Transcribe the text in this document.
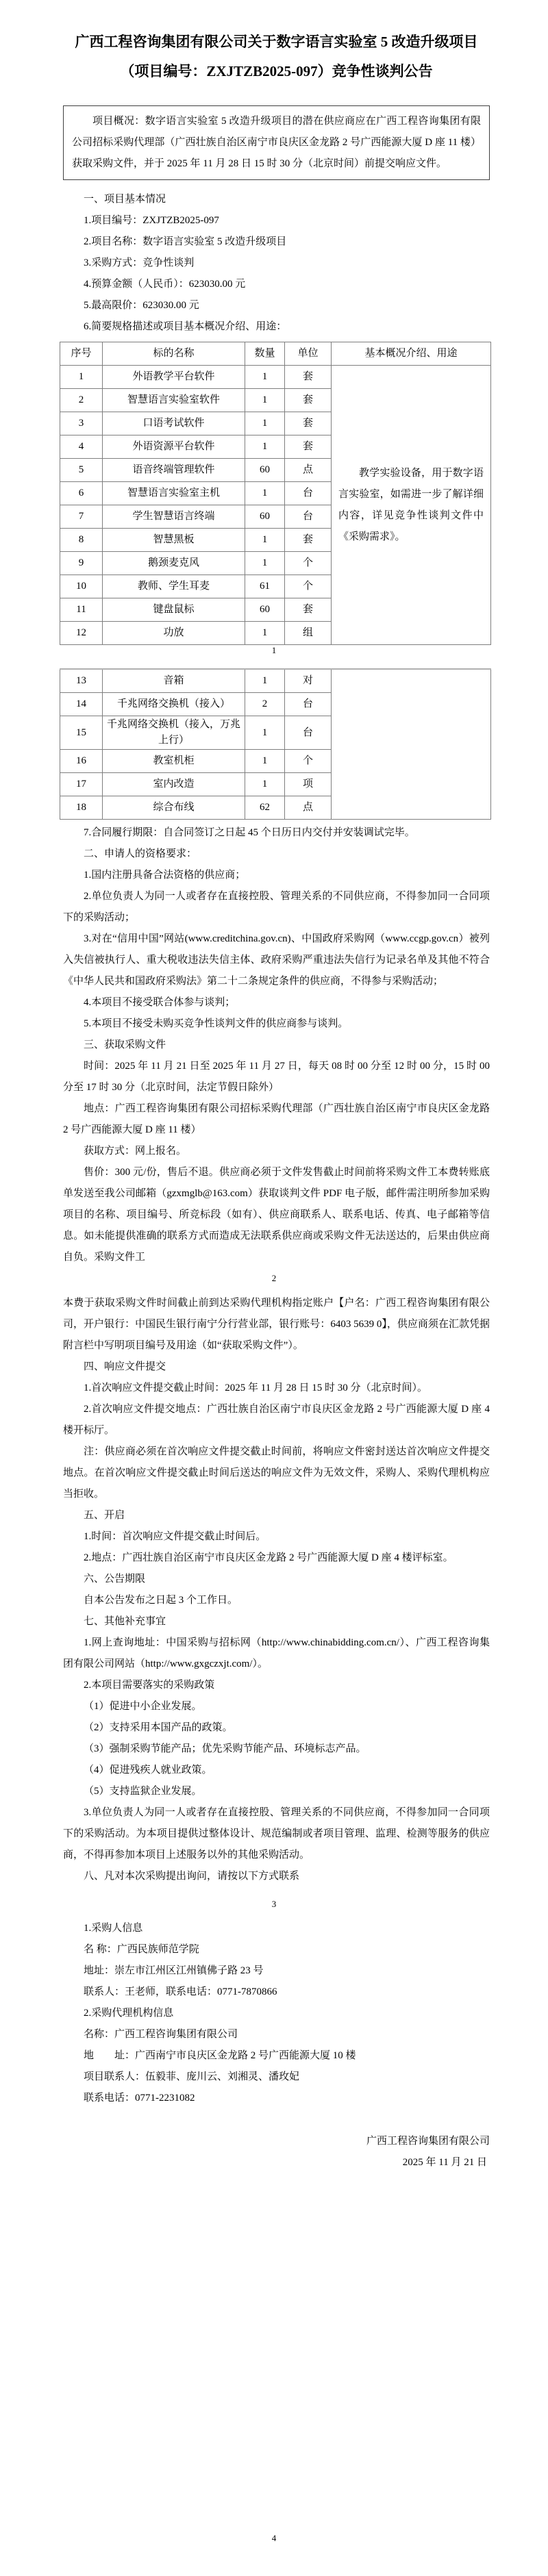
广西工程咨询集团有限公司关于数字语言实验室 5 改造升级项目
（项目编号：ZXJTZB2025-097）竞争性谈判公告

项目概况：数字语言实验室 5 改造升级项目的潜在供应商应在广西工程咨询集团有限公司招标采购代理部（广西壮族自治区南宁市良庆区金龙路 2 号广西能源大厦 D 座 11 楼）获取采购文件，并于 2025 年 11 月 28 日 15 时 30 分（北京时间）前提交响应文件。

一、项目基本情况

1.项目编号：ZXJTZB2025-097

2.项目名称：数字语言实验室 5 改造升级项目

3.采购方式：竞争性谈判

4.预算金额（人民币）：623030.00 元

5.最高限价：623030.00 元

6.简要规格描述或项目基本概况介绍、用途：

序号	标的名称	数量	单位	基本概况介绍、用途
1	外语教学平台软件	1	套	教学实验设备，用于数字语言实验室，如需进一步了解详细内容，详见竞争性谈判文件中《采购需求》。
2	智慧语言实验室软件	1	套	
3	口语考试软件	1	套	
4	外语资源平台软件	1	套	
5	语音终端管理软件	60	点	
6	智慧语言实验室主机	1	台	
7	学生智慧语言终端	60	台	
8	智慧黑板	1	套	
9	鹅颈麦克风	1	个	
10	教师、学生耳麦	61	个	
11	键盘鼠标	60	套	
12	功放	1	组	
1
13	音箱	1	对	
14	千兆网络交换机（接入）	2	台	
15	千兆网络交换机（接入，万兆上行）	1	台	
16	教室机柜	1	个	
17	室内改造	1	项	
18	综合布线	62	点	

7.合同履行期限：自合同签订之日起 45 个日历日内交付并安装调试完毕。

二、申请人的资格要求：

1.国内注册具备合法资格的供应商；

2.单位负责人为同一人或者存在直接控股、管理关系的不同供应商，不得参加同一合同项下的采购活动；

3.对在“信用中国”网站(www.creditchina.gov.cn)、中国政府采购网（www.ccgp.gov.cn）被列入失信被执行人、重大税收违法失信主体、政府采购严重违法失信行为记录名单及其他不符合《中华人民共和国政府采购法》第二十二条规定条件的供应商，不得参与采购活动；

4.本项目不接受联合体参与谈判；

5.本项目不接受未购买竞争性谈判文件的供应商参与谈判。

三、获取采购文件

时间：2025 年 11 月 21 日至 2025 年 11 月 27 日，每天 08 时 00 分至 12 时 00 分，15 时 00 分至 17 时 30 分（北京时间，法定节假日除外）

地点：广西工程咨询集团有限公司招标采购代理部（广西壮族自治区南宁市良庆区金龙路 2 号广西能源大厦 D 座 11 楼）

获取方式：网上报名。

售价：300 元/份，售后不退。供应商必须于文件发售截止时间前将采购文件工本费转账底单发送至我公司邮箱（gzxmglb@163.com）获取谈判文件 PDF 电子版，邮件需注明所参加采购项目的名称、项目编号、所竞标段（如有）、供应商联系人、联系电话、传真、电子邮箱等信息。如未能提供准确的联系方式而造成无法联系供应商或采购文件无法送达的，后果由供应商自负。采购文件工

2

本费于获取采购文件时间截止前到达采购代理机构指定账户【户名：广西工程咨询集团有限公司，开户银行：中国民生银行南宁分行营业部，银行账号：6403 5639 0】，供应商须在汇款凭据附言栏中写明项目编号及用途（如“获取采购文件”）。

四、响应文件提交

1.首次响应文件提交截止时间：2025 年 11 月 28 日 15 时 30 分（北京时间）。

2.首次响应文件提交地点：广西壮族自治区南宁市良庆区金龙路 2 号广西能源大厦 D 座 4 楼开标厅。

注：供应商必须在首次响应文件提交截止时间前，将响应文件密封送达首次响应文件提交地点。在首次响应文件提交截止时间后送达的响应文件为无效文件，采购人、采购代理机构应当拒收。

五、开启

1.时间：首次响应文件提交截止时间后。

2.地点：广西壮族自治区南宁市良庆区金龙路 2 号广西能源大厦 D 座 4 楼评标室。

六、公告期限

自本公告发布之日起 3 个工作日。

七、其他补充事宜

1.网上查询地址：中国采购与招标网（http://www.chinabidding.com.cn/）、广西工程咨询集团有限公司网站（http://www.gxgczxjt.com/）。

2.本项目需要落实的采购政策

（1）促进中小企业发展。

（2）支持采用本国产品的政策。

（3）强制采购节能产品；优先采购节能产品、环境标志产品。

（4）促进残疾人就业政策。

（5）支持监狱企业发展。

3.单位负责人为同一人或者存在直接控股、管理关系的不同供应商，不得参加同一合同项下的采购活动。为本项目提供过整体设计、规范编制或者项目管理、监理、检测等服务的供应商，不得再参加本项目上述服务以外的其他采购活动。

八、凡对本次采购提出询问，请按以下方式联系

3

1.采购人信息

名 称：广西民族师范学院

地址：崇左市江州区江州镇佛子路 23 号

联系人：王老师，联系电话：0771-7870866

2.采购代理机构信息

名称：广西工程咨询集团有限公司

地　　址：广西南宁市良庆区金龙路 2 号广西能源大厦 10 楼

项目联系人：伍毅菲、庞川云、刘湘灵、潘玫妃

联系电话：0771-2231082

广西工程咨询集团有限公司
2025 年 11 月 21 日
4
